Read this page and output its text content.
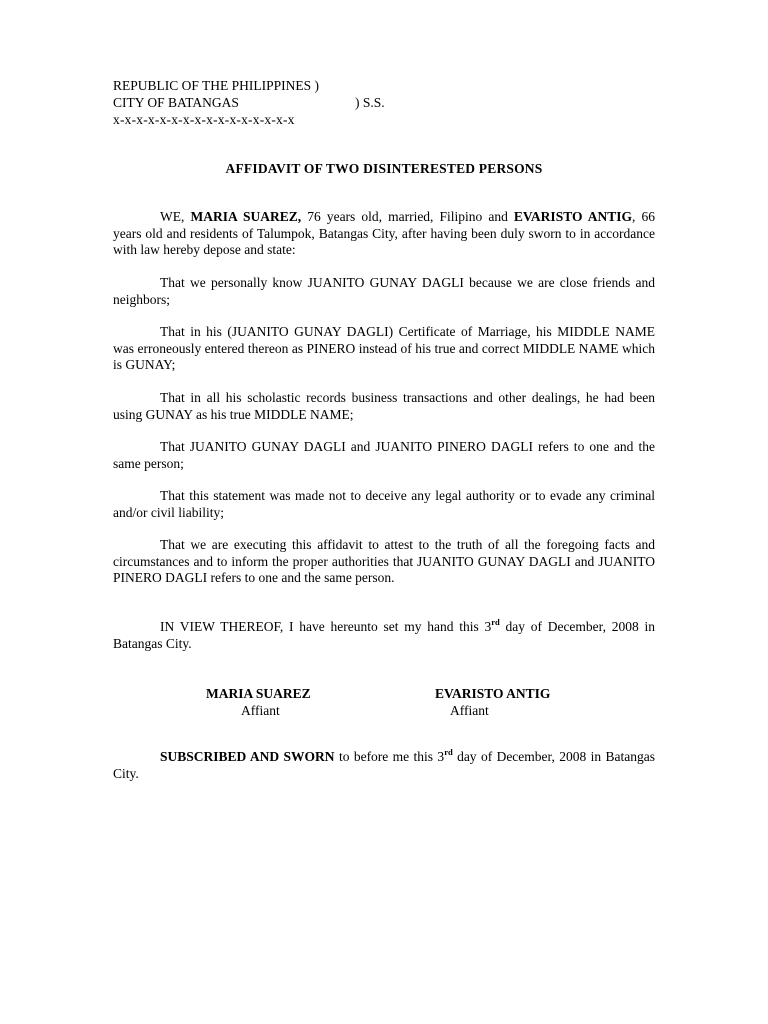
REPUBLIC OF THE PHILIPPINES )
CITY OF BATANGAS	) S.S.
x-x-x-x-x-x-x-x-x-x-x-x-x-x-x-x
AFFIDAVIT OF TWO DISINTERESTED PERSONS

WE, MARIA SUAREZ, 76 years old, married, Filipino and EVARISTO ANTIG, 66 years old and residents of Talumpok, Batangas City, after having been duly sworn to in accordance with law hereby depose and state:

That we personally know JUANITO GUNAY DAGLI because we are close friends and neighbors;

That in his (JUANITO GUNAY DAGLI) Certificate of Marriage, his MIDDLE NAME was erroneously entered thereon as PINERO instead of his true and correct MIDDLE NAME which is GUNAY;

That in all his scholastic records business transactions and other dealings, he had been using GUNAY as his true MIDDLE NAME;

That JUANITO GUNAY DAGLI and JUANITO PINERO DAGLI refers to one and the same person;

That this statement was made not to deceive any legal authority or to evade any criminal and/or civil liability;

That we are executing this affidavit to attest to the truth of all the foregoing facts and circumstances and to inform the proper authorities that JUANITO GUNAY DAGLI and JUANITO PINERO DAGLI refers to one and the same person.

IN VIEW THEREOF, I have hereunto set my hand this 3rd day of December, 2008 in Batangas City.

MARIA SUAREZ
Affiant
EVARISTO ANTIG
Affiant

SUBSCRIBED AND SWORN to before me this 3rd day of December, 2008 in Batangas City.
